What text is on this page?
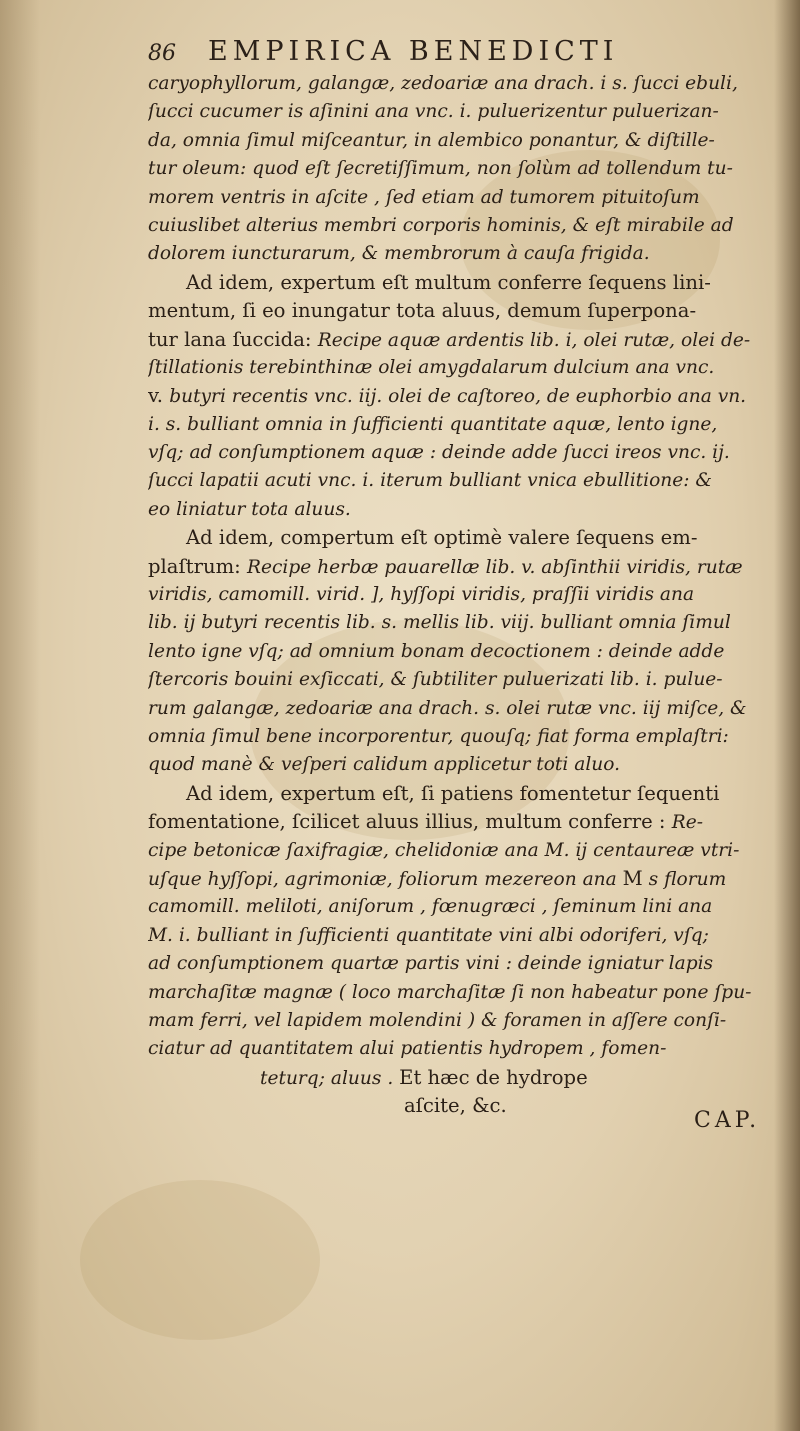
86	EMPIRICA BENEDICTI
caryophyllorum, galangæ, zedoariæ ana drach. i s. ſucci ebuli,
ſucci cucumer is aſinini ana vnc. i. puluerizentur puluerizan-
da, omnia ſimul miſceantur, in alembico ponantur, & diſtille-
tur oleum: quod eſt ſecretiſſimum, non ſolùm ad tollendum tu-
morem ventris in aſcite , ſed etiam ad tumorem pituitoſum
cuiuslibet alterius membri corporis hominis, & eſt mirabile ad
dolorem iuncturarum, & membrorum à cauſa frigida.
Ad idem, expertum eſt multum conferre ſequens lini-
mentum, ſi eo inungatur tota aluus, demum ſuperpona-
tur lana ſuccida: Recipe aquæ ardentis lib. i, olei rutæ, olei de-
ſtillationis terebinthinæ olei amygdalarum dulcium ana vnc.
v. butyri recentis vnc. iij. olei de caſtoreo, de euphorbio ana vn.
i. s. bulliant omnia in ſufficienti quantitate aquæ, lento igne,
vſq; ad conſumptionem aquæ : deinde adde ſucci ireos vnc. ij.
ſucci lapatii acuti vnc. i. iterum bulliant vnica ebullitione: &
eo liniatur tota aluus.
Ad idem, compertum eſt optimè valere ſequens em-
plaſtrum: Recipe herbæ pauarellæ lib. v. abſinthii viridis, rutæ
viridis, camomill. virid. ], hyſſopi viridis, praſſii viridis ana
lib. ij butyri recentis lib. s. mellis lib. viij. bulliant omnia ſimul
lento igne vſq; ad omnium bonam decoctionem : deinde adde
ſtercoris bouini exſiccati, & ſubtiliter puluerizati lib. i. pulue-
rum galangæ, zedoariæ ana drach. s. olei rutæ vnc. iij miſce, &
omnia ſimul bene incorporentur, quouſq; fiat forma emplaſtri:
quod manè & veſperi calidum applicetur toti aluo.
Ad idem, expertum eſt, ſi patiens fomentetur ſequenti
fomentatione, ſcilicet aluus illius, multum conferre : Re-
cipe betonicæ ſaxifragiæ, chelidoniæ ana M. ij centaureæ vtri-
uſque hyſſopi, agrimoniæ, foliorum mezereon ana M s florum
camomill. meliloti, aniſorum , fœnugræci , ſeminum lini ana
M. i. bulliant in ſufficienti quantitate vini albi odoriferi, vſq;
ad conſumptionem quartæ partis vini : deinde igniatur lapis
marchaſitæ magnæ ( loco marchaſitæ ſi non habeatur pone ſpu-
mam ferri, vel lapidem molendini ) & foramen in aſſere conſi-
ciatur ad quantitatem alui patientis hydropem , fomen-
teturq; aluus . Et hæc de hydrope
aſcite, &c.
CAP.
